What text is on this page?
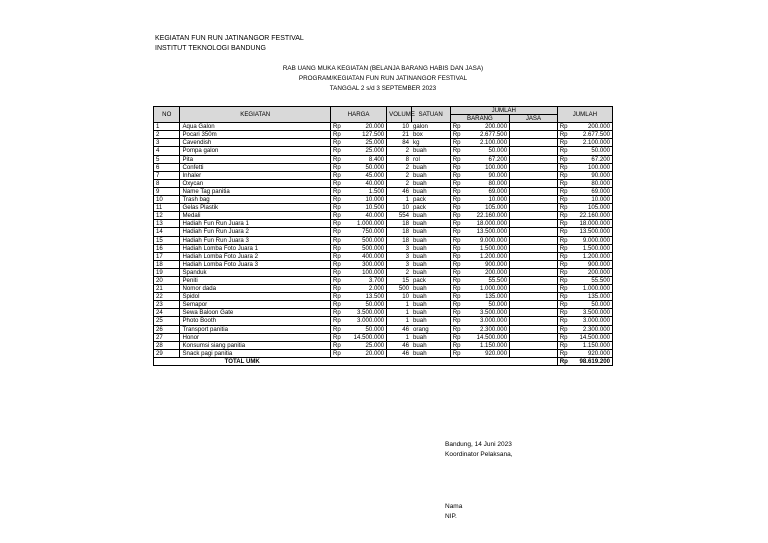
KEGIATAN FUN RUN JATINANGOR FESTIVAL
INSTITUT TEKNOLOGI BANDUNG
RAB UANG MUKA KEGIATAN (BELANJA BARANG HABIS DAN JASA)
PROGRAM/KEGIATAN FUN RUN JATINANGOR FESTIVAL
TANGGAL 2 s/d 3 SEPTEMBER 2023
NO	KEGIATAN	HARGA		VOLUME	SATUAN	JUMLAH			JUMLAH	
						BARANG		JASA		
1	Aqua Galon	Rp	20.000	10	galon	Rp	200.000		Rp	200.000
2	Pocari 350m	Rp	127.500	21	box	Rp	2.677.500		Rp	2.677.500
3	Cavendish	Rp	25.000	84	kg	Rp	2.100.000		Rp	2.100.000
4	Pompa galon	Rp	25.000	2	buah	Rp	50.000		Rp	50.000
5	Pita	Rp	8.400	8	rol	Rp	67.200		Rp	67.200
6	Confetti	Rp	50.000	2	buah	Rp	100.000		Rp	100.000
7	Inhaler	Rp	45.000	2	buah	Rp	90.000		Rp	90.000
8	Oxycan	Rp	40.000	2	buah	Rp	80.000		Rp	80.000
9	Name Tag panitia	Rp	1.500	46	buah	Rp	69.000		Rp	69.000
10	Trash bag	Rp	10.000	1	pack	Rp	10.000		Rp	10.000
11	Gelas Plastik	Rp	10.500	10	pack	Rp	105.000		Rp	105.000
12	Medali	Rp	40.000	554	buah	Rp	22.160.000		Rp	22.160.000
13	Hadiah Fun Run Juara 1	Rp	1.000.000	18	buah	Rp	18.000.000		Rp	18.000.000
14	Hadiah Fun Run Juara 2	Rp	750.000	18	buah	Rp	13.500.000		Rp	13.500.000
15	Hadiah Fun Run Juara 3	Rp	500.000	18	buah	Rp	9.000.000		Rp	9.000.000
16	Hadiah Lomba Foto Juara 1	Rp	500.000	3	buah	Rp	1.500.000		Rp	1.500.000
17	Hadiah Lomba Foto Juara 2	Rp	400.000	3	buah	Rp	1.200.000		Rp	1.200.000
18	Hadiah Lomba Foto Juara 3	Rp	300.000	3	buah	Rp	900.000		Rp	900.000
19	Spanduk	Rp	100.000	2	buah	Rp	200.000		Rp	200.000
20	Peniti	Rp	3.700	15	pack	Rp	55.500		Rp	55.500
21	Nomor dada	Rp	2.000	500	buah	Rp	1.000.000		Rp	1.000.000
22	Spidol	Rp	13.500	10	buah	Rp	135.000		Rp	135.000
23	Semapor	Rp	50.000	1	buah	Rp	50.000		Rp	50.000
24	Sewa Baloon Gate	Rp	3.500.000	1	buah	Rp	3.500.000		Rp	3.500.000
25	Photo Booth	Rp	3.000.000	1	buah	Rp	3.000.000		Rp	3.000.000
26	Transport panitia	Rp	50.000	46	orang	Rp	2.300.000		Rp	2.300.000
27	Honor	Rp	14.500.000	1	buah	Rp	14.500.000		Rp	14.500.000
28	Konsumsi siang panitia	Rp	25.000	46	buah	Rp	1.150.000		Rp	1.150.000
29	Snack pagi panitia	Rp	20.000	46	buah	Rp	920.000		Rp	920.000
TOTAL UMK									Rp	98.619.200
Bandung, 14 Juni 2023
Koordinator Pelaksana,
Nama
NIP.
